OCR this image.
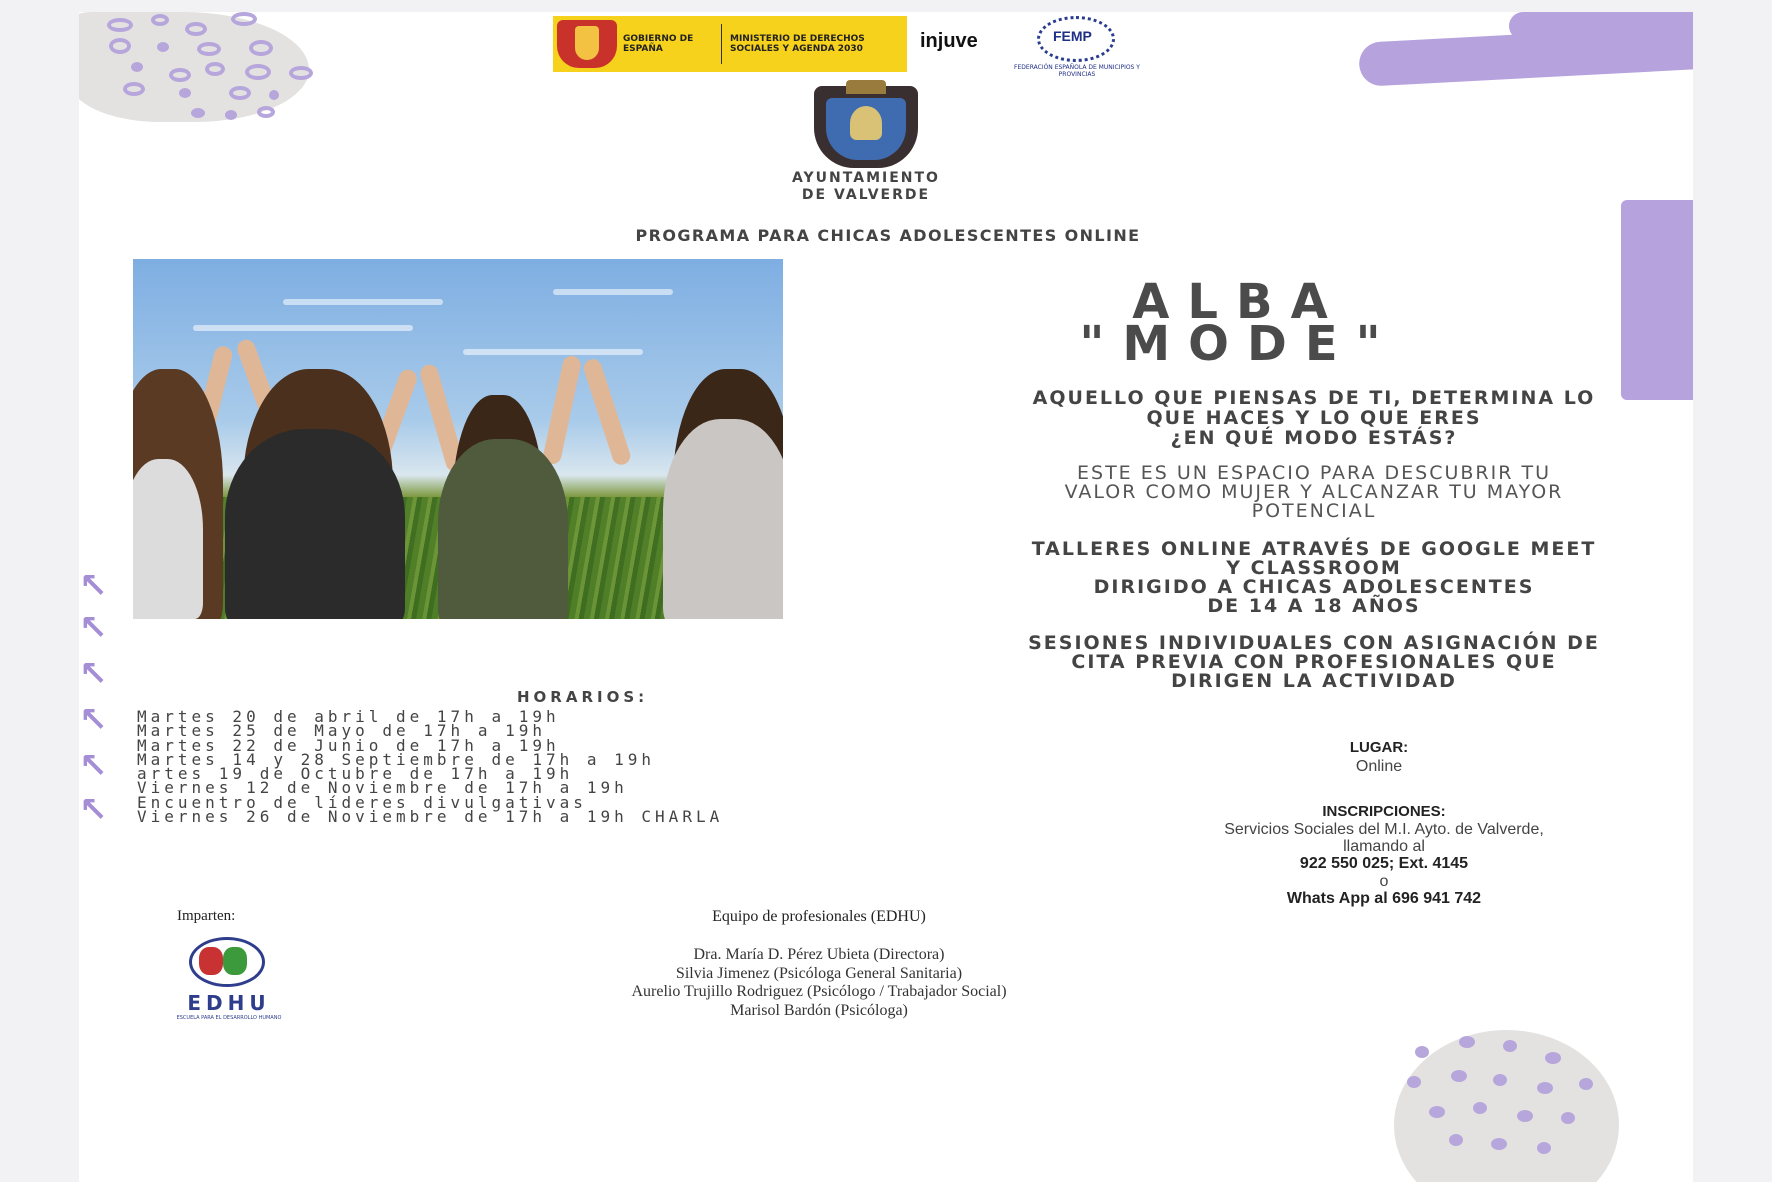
↖
↖
↖
↖
↖
↖
GOBIERNO DE ESPAÑA
MINISTERIO DE DERECHOS SOCIALES Y AGENDA 2030	injuve	FEMP
FEDERACIÓN ESPAÑOLA DE MUNICIPIOS Y PROVINCIAS
AYUNTAMIENTO
DE VALVERDE
PROGRAMA PARA CHICAS ADOLESCENTES ONLINE
ALBA
"MODE"
AQUELLO QUE PIENSAS DE TI, DETERMINA LO
QUE HACES Y LO QUE ERES
¿EN QUÉ MODO ESTÁS?
ESTE ES UN ESPACIO PARA DESCUBRIR TU
VALOR COMO MUJER Y ALCANZAR TU MAYOR
POTENCIAL
TALLERES ONLINE ATRAVÉS DE GOOGLE MEET
Y CLASSROOM
DIRIGIDO A CHICAS ADOLESCENTES
DE 14 A 18 AÑOS
SESIONES INDIVIDUALES CON ASIGNACIÓN DE
CITA PREVIA CON PROFESIONALES QUE
DIRIGEN LA ACTIVIDAD
HORARIOS:
Martes 20 de abril de 17h a 19h
Martes 25 de Mayo de 17h a 19h
Martes 22 de Junio de 17h a 19h
Martes 14 y 28 Septiembre de 17h a 19h
artes 19 de Octubre de 17h a 19h
Viernes 12 de Noviembre de 17h a 19h
Encuentro de líderes divulgativas
Viernes 26 de Noviembre de 17h a 19h CHARLA
LUGAR:
Online
INSCRIPCIONES:
Servicios Sociales del M.I. Ayto. de Valverde,
llamando al
922 550 025; Ext. 4145
o
Whats App al 696 941 742
Imparten:
EDHU
ESCUELA PARA EL DESARROLLO HUMANO
Equipo de profesionales (EDHU)
Dra. María D. Pérez Ubieta (Directora)
Silvia Jimenez (Psicóloga General Sanitaria)
Aurelio Trujillo Rodriguez (Psicólogo / Trabajador Social)
Marisol Bardón (Psicóloga)
